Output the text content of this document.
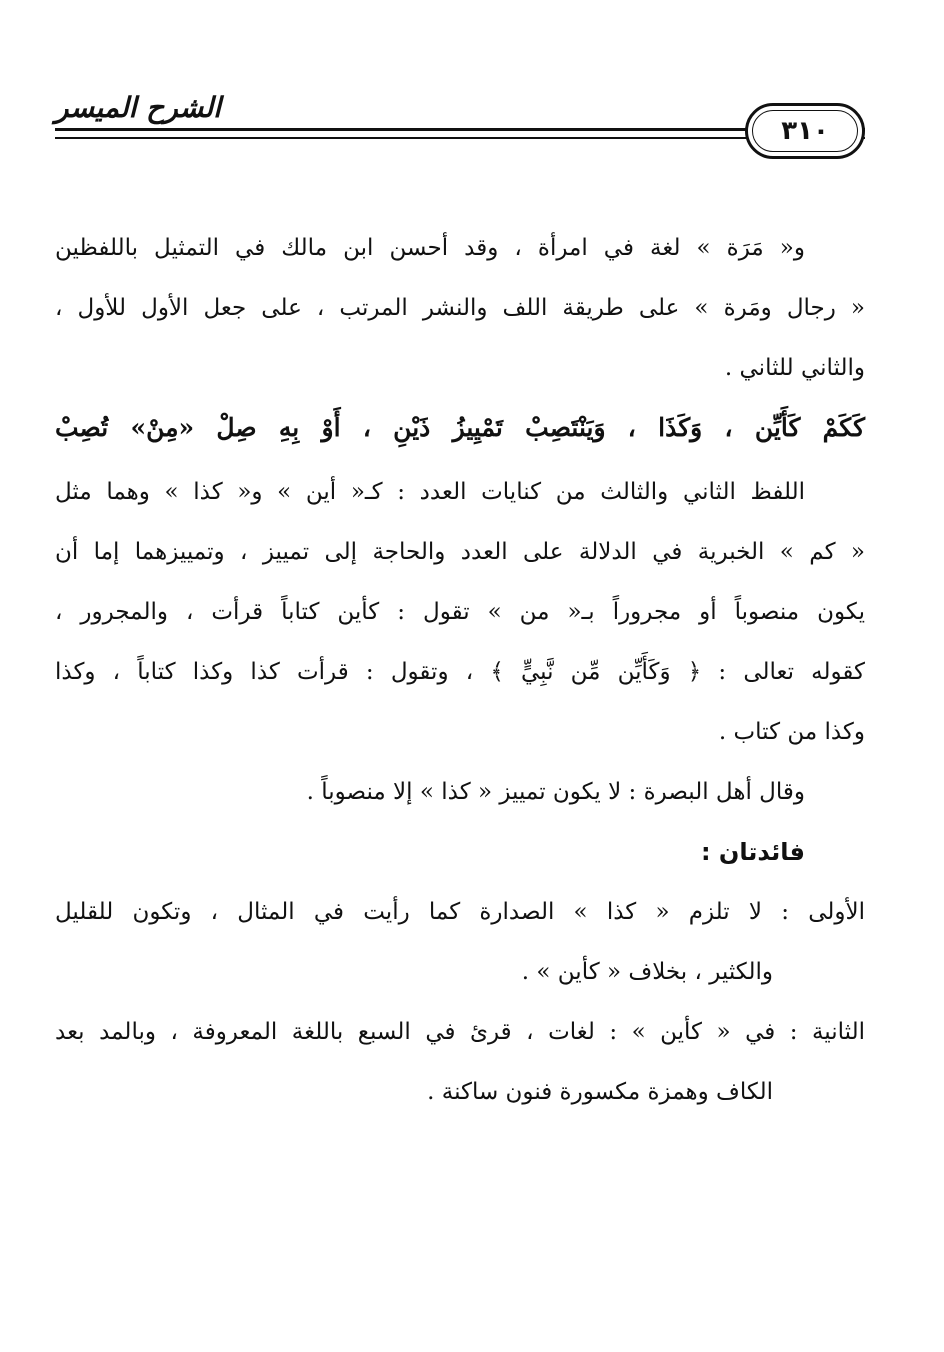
الشرح الميسر
٣١٠
و« مَرَة » لغة في امرأة ، وقد أحسن ابن مالك في التمثيل باللفظين
« رجال ومَرة » على طريقة اللف والنشر المرتب ، على جعل الأول للأول ،
والثاني للثاني .
كَكَمْ كَأَيِّن ، وَكَذَا ، وَيَنْتَصِبْ تَمْيِيزُ ذَيْنِ ، أَوْ بِهِ صِلْ «مِنْ» تُصِبْ
اللفظ الثاني والثالث من كنايات العدد : كـ« أين » و« كذا » وهما مثل
« كم » الخبرية في الدلالة على العدد والحاجة إلى تمييز ، وتمييزهما إما أن
يكون منصوباً أو مجروراً بـ« من » تقول : كأين كتاباً قرأت ، والمجرور ،
كقوله تعالى : ﴿ وَكَأَيِّن مِّن نَّبِيٍّ ﴾ ، وتقول : قرأت كذا وكذا كتاباً ، وكذا
وكذا من كتاب .
وقال أهل البصرة : لا يكون تمييز « كذا » إلا منصوباً .
فائدتان :
الأولى : لا تلزم « كذا » الصدارة كما رأيت في المثال ، وتكون للقليل
والكثير ، بخلاف « كأين » .
الثانية : في « كأين » : لغات ، قرئ في السبع باللغة المعروفة ، وبالمد بعد
الكاف وهمزة مكسورة فنون ساكنة .
